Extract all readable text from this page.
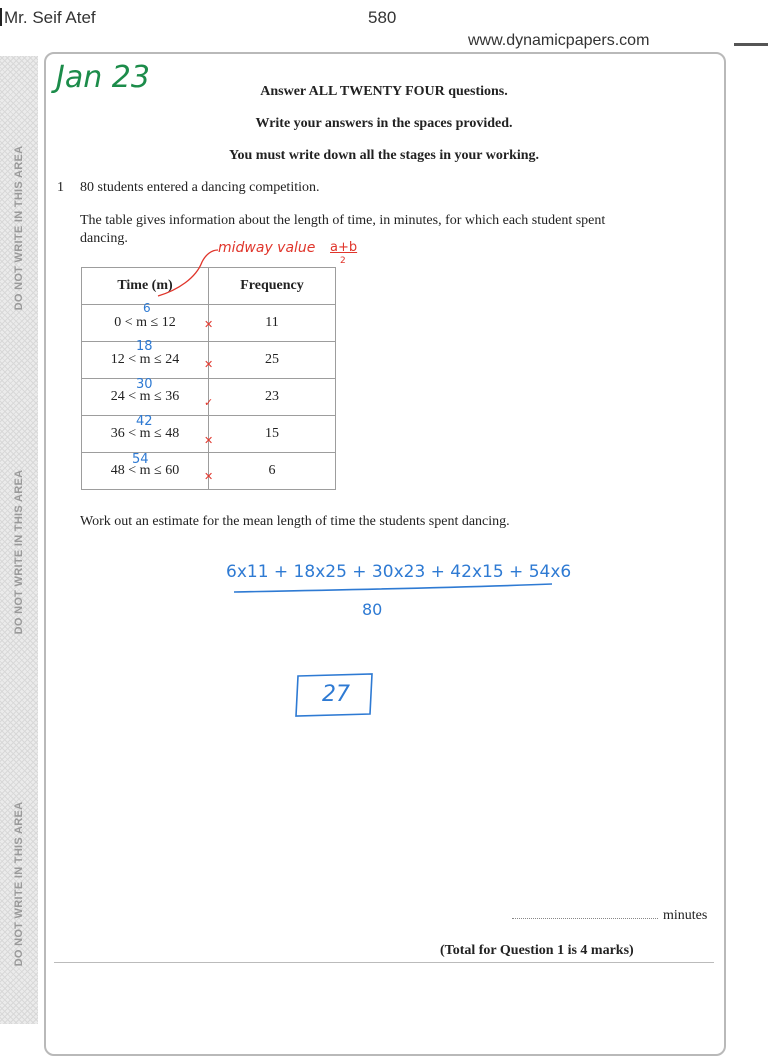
Mr. Seif Atef	580
www.dynamicpapers.com
DO NOT WRITE IN THIS AREA
DO NOT WRITE IN THIS AREA
DO NOT WRITE IN THIS AREA
Answer ALL TWENTY FOUR questions.
Write your answers in the spaces provided.
You must write down all the stages in your working.
1 80 students entered a dancing competition.
The table gives information about the length of time, in minutes, for which each student spent dancing.
Time (m)	Frequency
0 < m ≤ 12	11
12 < m ≤ 24	25
24 < m ≤ 36	23
36 < m ≤ 48	15
48 < m ≤ 60	6
✕
✕
✓
✕
✕
Work out an estimate for the mean length of time the students spent dancing.
Jan 23
midway value a+b
2
6
18
30
42
54
6x11 + 18x25 + 30x23 + 42x15 + 54x6
80
27
minutes
(Total for Question 1 is 4 marks)
